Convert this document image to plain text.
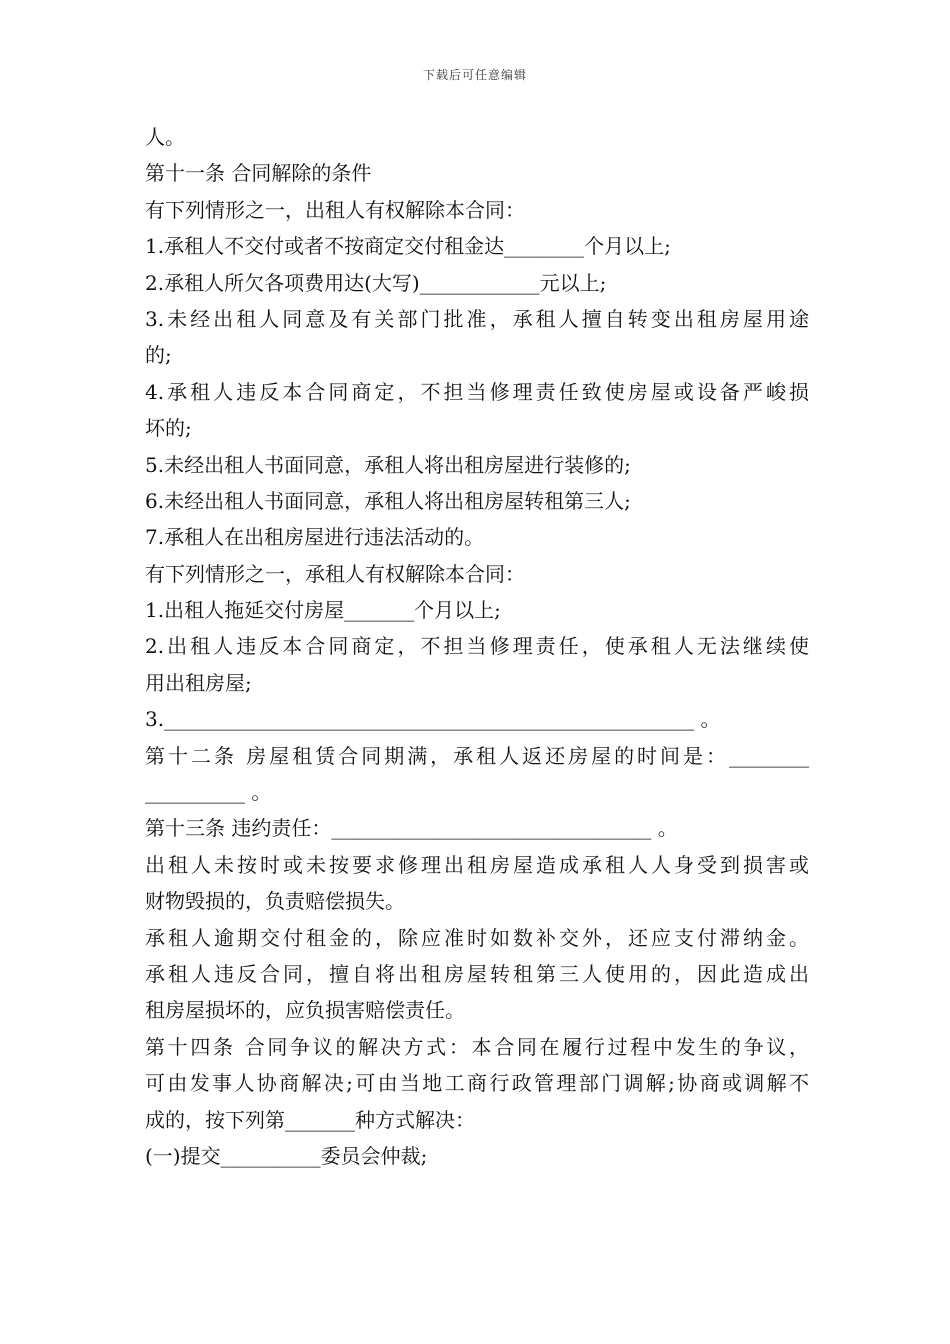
下载后可任意编辑
人。
第十一条 合同解除的条件
有下列情形之一，出租人有权解除本合同：
1.承租人不交付或者不按商定交付租金达________个月以上;
2.承租人所欠各项费用达(大写)____________元以上;
3.未经出租人同意及有关部门批准，承租人擅自转变出租房屋用途
的;
4.承租人违反本合同商定，不担当修理责任致使房屋或设备严峻损
坏的;
5.未经出租人书面同意，承租人将出租房屋进行装修的;
6.未经出租人书面同意，承租人将出租房屋转租第三人;
7.承租人在出租房屋进行违法活动的。
有下列情形之一，承租人有权解除本合同：
1.出租人拖延交付房屋_______个月以上;
2.出租人违反本合同商定，不担当修理责任，使承租人无法继续使
用出租房屋;
3._____________________________________________________ 。
第十二条 房屋租赁合同期满，承租人返还房屋的时间是：________
__________ 。
第十三条 违约责任：________________________________ 。
出租人未按时或未按要求修理出租房屋造成承租人人身受到损害或
财物毁损的，负责赔偿损失。
承租人逾期交付租金的，除应准时如数补交外，还应支付滞纳金。
承租人违反合同，擅自将出租房屋转租第三人使用的，因此造成出
租房屋损坏的，应负损害赔偿责任。
第十四条 合同争议的解决方式：本合同在履行过程中发生的争议，
可由发事人协商解决;可由当地工商行政管理部门调解;协商或调解不
成的，按下列第_______种方式解决：
(一)提交__________委员会仲裁;
